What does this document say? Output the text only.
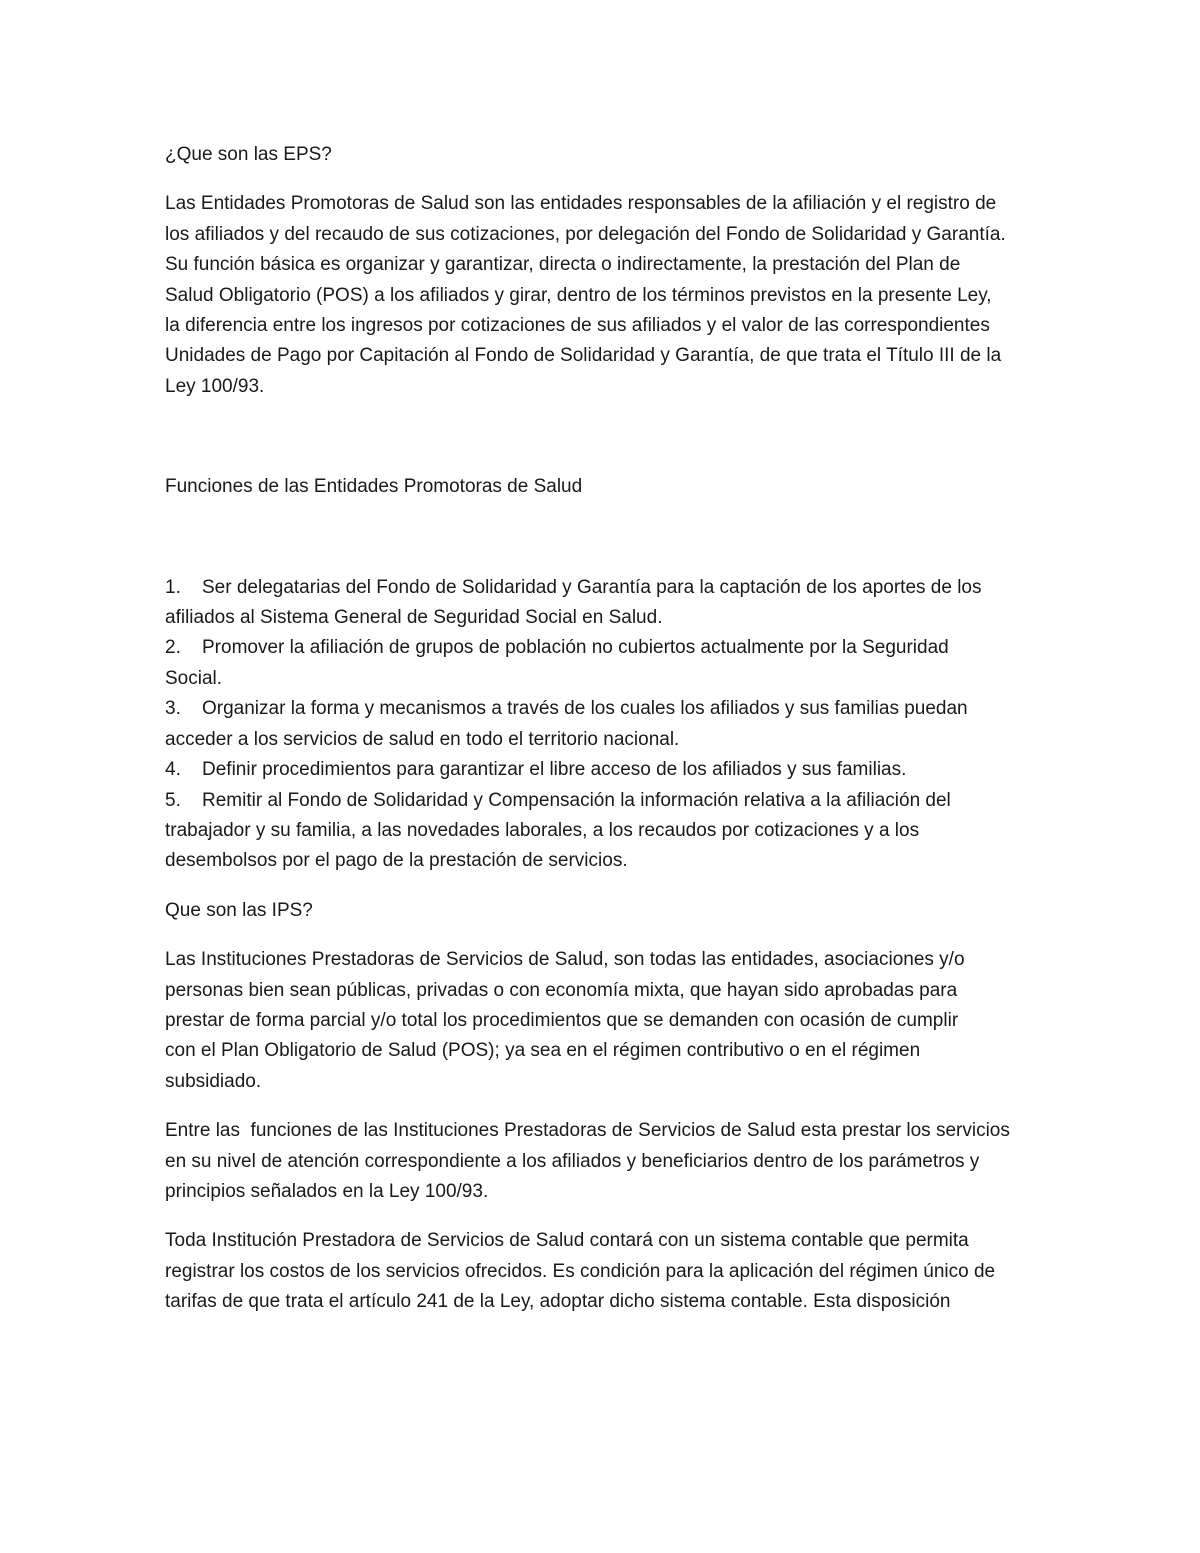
¿Que son las EPS?

Las Entidades Promotoras de Salud son las entidades responsables de la afiliación y el registro de
los afiliados y del recaudo de sus cotizaciones, por delegación del Fondo de Solidaridad y Garantía.
Su función básica es organizar y garantizar, directa o indirectamente, la prestación del Plan de
Salud Obligatorio (POS) a los afiliados y girar, dentro de los términos previstos en la presente Ley,
la diferencia entre los ingresos por cotizaciones de sus afiliados y el valor de las correspondientes
Unidades de Pago por Capitación al Fondo de Solidaridad y Garantía, de que trata el Título III de la
Ley 100/93.

Funciones de las Entidades Promotoras de Salud

1. Ser delegatarias del Fondo de Solidaridad y Garantía para la captación de los aportes de los
afiliados al Sistema General de Seguridad Social en Salud.
2. Promover la afiliación de grupos de población no cubiertos actualmente por la Seguridad
Social.
3. Organizar la forma y mecanismos a través de los cuales los afiliados y sus familias puedan
acceder a los servicios de salud en todo el territorio nacional.
4. Definir procedimientos para garantizar el libre acceso de los afiliados y sus familias.
5. Remitir al Fondo de Solidaridad y Compensación la información relativa a la afiliación del
trabajador y su familia, a las novedades laborales, a los recaudos por cotizaciones y a los
desembolsos por el pago de la prestación de servicios.

Que son las IPS?

Las Instituciones Prestadoras de Servicios de Salud, son todas las entidades, asociaciones y/o
personas bien sean públicas, privadas o con economía mixta, que hayan sido aprobadas para
prestar de forma parcial y/o total los procedimientos que se demanden con ocasión de cumplir
con el Plan Obligatorio de Salud (POS); ya sea en el régimen contributivo o en el régimen
subsidiado.
Entre las  funciones de las Instituciones Prestadoras de Servicios de Salud esta prestar los servicios
en su nivel de atención correspondiente a los afiliados y beneficiarios dentro de los parámetros y
principios señalados en la Ley 100/93.
Toda Institución Prestadora de Servicios de Salud contará con un sistema contable que permita
registrar los costos de los servicios ofrecidos. Es condición para la aplicación del régimen único de
tarifas de que trata el artículo 241 de la Ley, adoptar dicho sistema contable. Esta disposición
